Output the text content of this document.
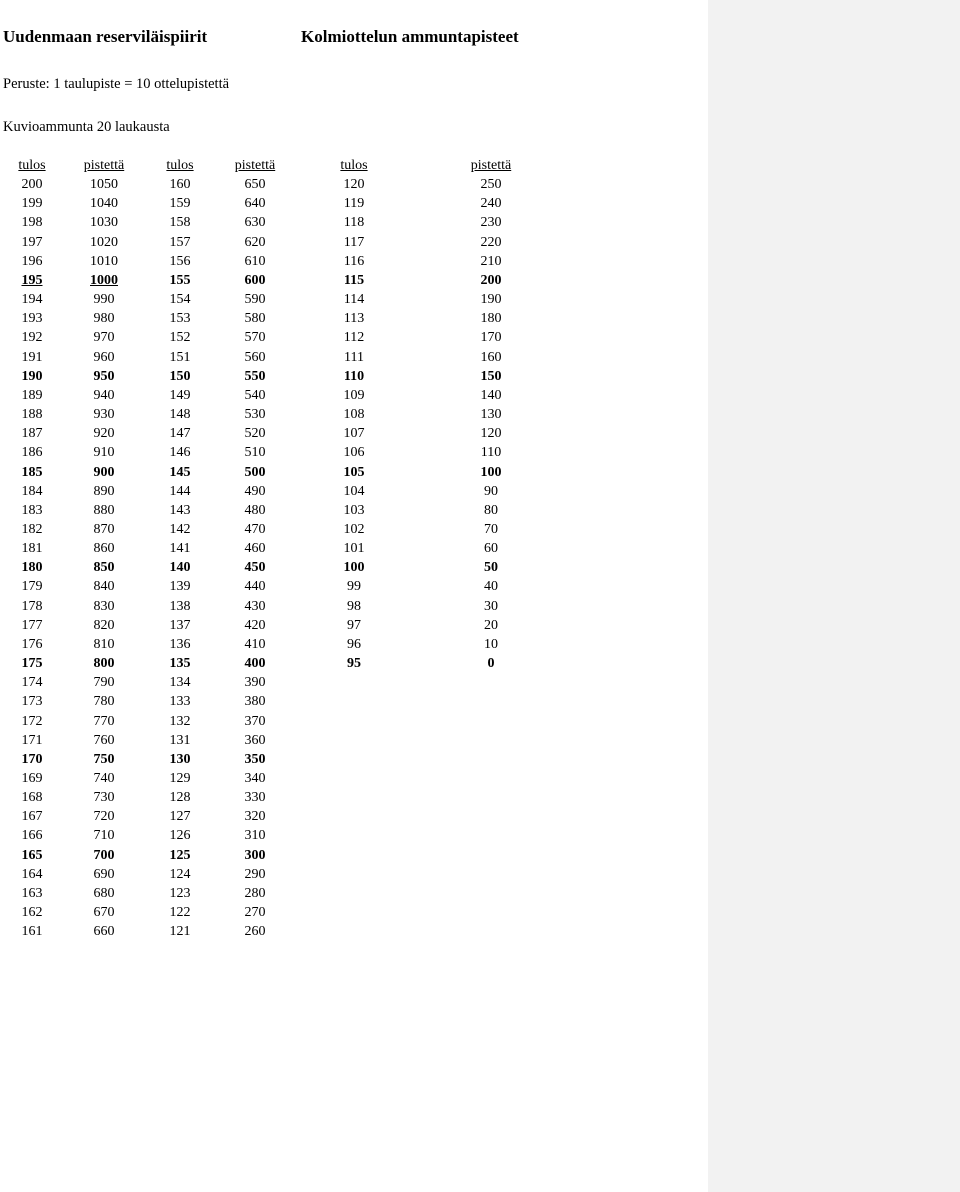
Uudenmaan reserviläispiirit	Kolmiottelun ammuntapisteet
Peruste: 1 taulupiste = 10 ottelupistettä
Kuvioammunta 20 laukausta
tulos	pistettä	tulos	pistettä	tulos	pistettä
200	1050	160	650	120	250
199	1040	159	640	119	240
198	1030	158	630	118	230
197	1020	157	620	117	220
196	1010	156	610	116	210
195	1000	155	600	115	200
194	990	154	590	114	190
193	980	153	580	113	180
192	970	152	570	112	170
191	960	151	560	111	160
190	950	150	550	110	150
189	940	149	540	109	140
188	930	148	530	108	130
187	920	147	520	107	120
186	910	146	510	106	110
185	900	145	500	105	100
184	890	144	490	104	90
183	880	143	480	103	80
182	870	142	470	102	70
181	860	141	460	101	60
180	850	140	450	100	50
179	840	139	440	99	40
178	830	138	430	98	30
177	820	137	420	97	20
176	810	136	410	96	10
175	800	135	400	95	0
174	790	134	390
173	780	133	380
172	770	132	370
171	760	131	360
170	750	130	350
169	740	129	340
168	730	128	330
167	720	127	320
166	710	126	310
165	700	125	300
164	690	124	290
163	680	123	280
162	670	122	270
161	660	121	260
